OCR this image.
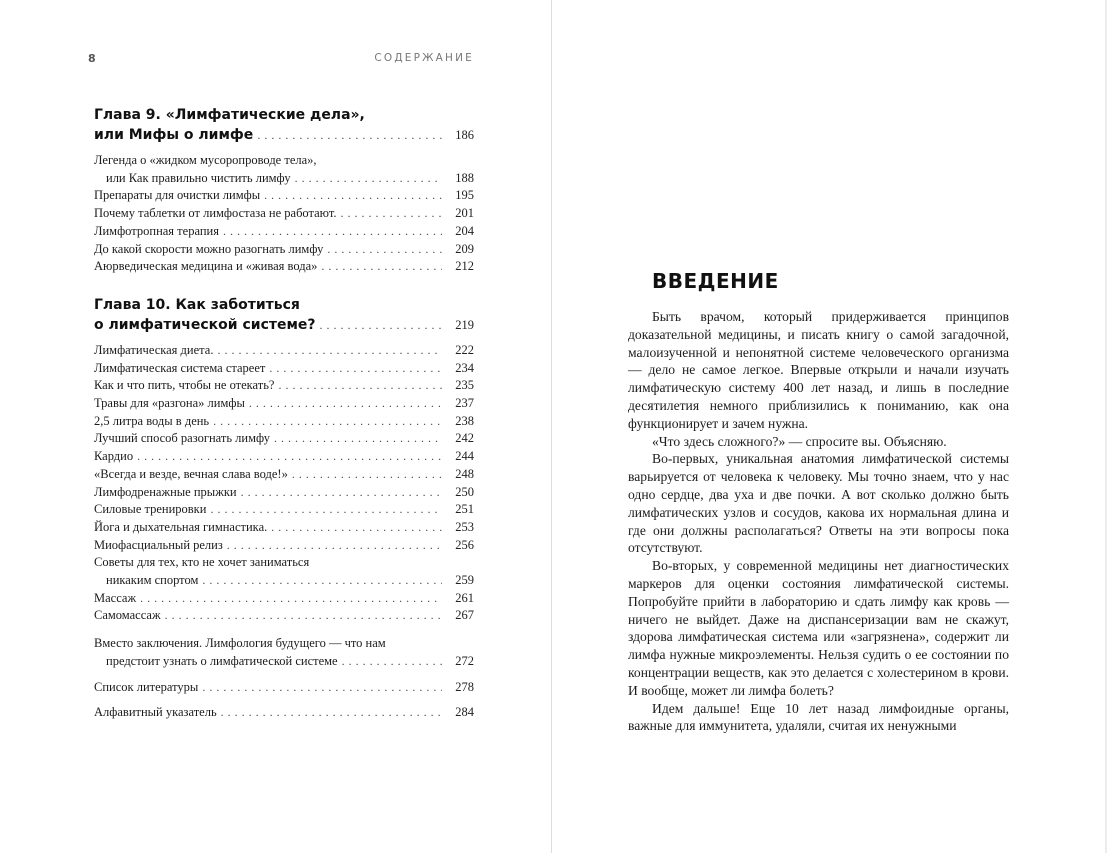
8	СОДЕРЖАНИЕ
Глава 9. «Лимфатические дела»,
или Мифы о лимфе . . .	186
Легенда о «жидком мусоропроводе тела»,
или Как правильно чистить лимфу . . .	188
Препараты для очистки лимфы . . .	195
Почему таблетки от лимфостаза не работают. . . .	201
Лимфотропная терапия . . .	204
До какой скорости можно разогнать лимфу . . .	209
Аюрведическая медицина и «живая вода» . . .	212
Глава 10. Как заботиться
о лимфатической системе? . . .	219
Лимфатическая диета. . . .	222
Лимфатическая система стареет . . .	234
Как и что пить, чтобы не отекать? . . .	235
Травы для «разгона» лимфы . . .	237
2,5 литра воды в день . . .	238
Лучший способ разогнать лимфу . . .	242
Кардио . . .	244
«Всегда и везде, вечная слава воде!» . . .	248
Лимфодренажные прыжки . . .	250
Силовые тренировки . . .	251
Йога и дыхательная гимнастика. . . .	253
Миофасциальный релиз . . .	256
Советы для тех, кто не хочет заниматься
никаким спортом . . .	259
Массаж . . .	261
Самомассаж . . .	267
Вместо заключения. Лимфология будущего — что нам
предстоит узнать о лимфатической системе . . .	272
Список литературы . . .	278
Алфавитный указатель . . .	284
ВВЕДЕНИЕ

Быть врачом, который придерживается принципов доказательной медицины, и писать книгу о самой загадочной, малоизученной и непонятной системе человеческого организма — дело не самое легкое. Впервые открыли и начали изучать лимфатическую систему 400 лет назад, и лишь в последние десятилетия немного приблизились к пониманию, как она функционирует и зачем нужна.

«Что здесь сложного?» — спросите вы. Объясняю.

Во-первых, уникальная анатомия лимфатической системы варьируется от человека к человеку. Мы точно знаем, что у нас одно сердце, два уха и две почки. А вот сколько должно быть лимфатических узлов и сосудов, какова их нормальная длина и где они должны располагаться? Ответы на эти вопросы пока отсутствуют.

Во-вторых, у современной медицины нет диагностических маркеров для оценки состояния лимфатической системы. Попробуйте прийти в лабораторию и сдать лимфу как кровь — ничего не выйдет. Даже на диспансеризации вам не скажут, здорова лимфатическая система или «загрязнена», содержит ли лимфа нужные микроэлементы. Нельзя судить о ее состоянии по концентрации веществ, как это делается с холестерином в крови. И вообще, может ли лимфа болеть?

Идем дальше! Еще 10 лет назад лимфоидные органы, важные для иммунитета, удаляли, считая их ненужными
